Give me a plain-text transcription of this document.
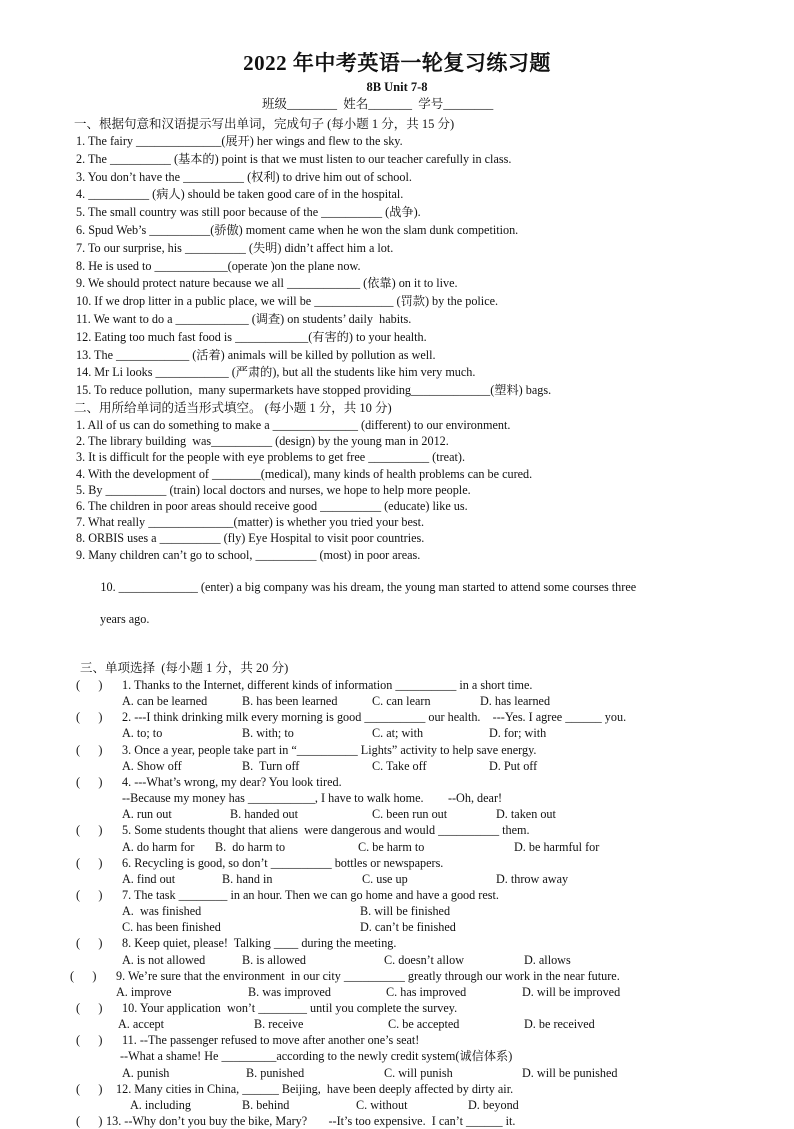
2022 年中考英语一轮复习练习题
8B Unit 7-8
班级________  姓名_______  学号________
一、根据句意和汉语提示写出单词，完成句子 (每小题 1 分，共 15 分)
1. The fairy ______________(展开) her wings and flew to the sky.
2. The __________ (基本的) point is that we must listen to our teacher carefully in class.
3. You don’t have the __________ (权利) to drive him out of school.
4. __________ (病人) should be taken good care of in the hospital.
5. The small country was still poor because of the __________ (战争).
6. Spud Web’s __________(骄傲) moment came when he won the slam dunk competition.
7. To our surprise, his __________ (失明) didn’t affect him a lot.
8. He is used to ____________(operate )on the plane now.
9. We should protect nature because we all ____________ (依靠) on it to live.
10. If we drop litter in a public place, we will be _____________ (罚款) by the police.
11. We want to do a ____________ (调查) on students’ daily  habits.
12. Eating too much fast food is ____________(有害的) to your health.
13. The ____________ (活着) animals will be killed by pollution as well.
14. Mr Li looks ____________ (严肃的), but all the students like him very much.
15. To reduce pollution,  many supermarkets have stopped providing_____________(塑料) bags.
二、用所给单词的适当形式填空。 (每小题 1 分，共 10 分)
1. All of us can do something to make a ______________ (different) to our environment.
2. The library building  was__________ (design) by the young man in 2012.
3. It is difficult for the people with eye problems to get free __________ (treat).
4. With the development of ________(medical), many kinds of health problems can be cured.
5. By __________ (train) local doctors and nurses, we hope to help more people.
6. The children in poor areas should receive good __________ (educate) like us.
7. What really ______________(matter) is whether you tried your best.
8. ORBIS uses a __________ (fly) Eye Hospital to visit poor countries.
9. Many children can’t go to school, __________ (most) in poor areas.

10. _____________ (enter) a big company was his dream, the young man started to attend some courses three

years ago.

三、单项选择  (每小题 1 分，共 20 分)
(      ) 1. Thanks to the Internet, different kinds of information __________ in a short time.
A. can be learned	B. has been learned	C. can learn	D. has learned
(      ) 2. ---I think drinking milk every morning is good __________ our health.    ---Yes. I agree ______ you.
A. to; to	B. with; to	C. at; with	D. for; with
(      ) 3. Once a year, people take part in “__________ Lights” activity to help save energy.
A. Show off	B.  Turn off	C. Take off	D. Put off
(      ) 4. ---What’s wrong, my dear? You look tired.
--Because my money has ___________, I have to walk home.        --Oh, dear!
A. run out	B. handed out	C. been run out	D. taken out
(      ) 5. Some students thought that aliens  were dangerous and would __________ them.
A. do harm for B.  do harm to	C. be harm to	D. be harmful for
(      ) 6. Recycling is good, so don’t __________ bottles or newspapers.
A. find out	B. hand in	C. use up	D. throw away
(      ) 7. The task ________ in an hour. Then we can go home and have a good rest.
A.  was finished	B. will be finished
C. has been finished	D. can’t be finished
(      ) 8. Keep quiet, please!  Talking ____ during the meeting.
A. is not allowed	B. is allowed	C. doesn’t allow	D. allows
(      ) 9. We’re sure that the environment  in our city __________ greatly through our work in the near future.
A. improve	B. was improved	C. has improved	D. will be improved
(      ) 10. Your application  won’t ________ until you complete the survey.
A. accept	B. receive	C. be accepted	D. be received
(      ) 11. --The passenger refused to move after another one’s seat!
--What a shame! He _________according to the newly credit system(诚信体系)
A. punish	B. punished	C. will punish	D. will be punished
(      ) 12. Many cities in China, ______ Beijing,  have been deeply affected by dirty air.
A. including	B. behind	C. without	D. beyond
(      ) 13. --Why don’t you buy the bike, Mary?       --It’s too expensive.  I can’t ______ it.
